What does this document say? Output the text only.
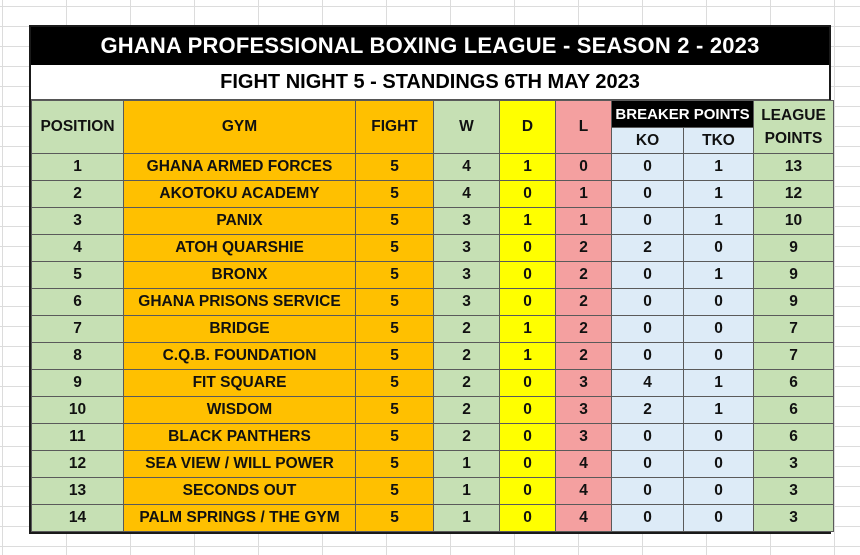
GHANA PROFESSIONAL BOXING LEAGUE - SEASON 2 - 2023
FIGHT NIGHT 5 - STANDINGS 6TH MAY 2023
POSITION	GYM	FIGHT	W	D	L	BREAKER POINTS		LEAGUE
POINTS

						KO	TKO	
1	GHANA ARMED FORCES	5	4	1	0	0	1	13
2	AKOTOKU ACADEMY	5	4	0	1	0	1	12
3	PANIX	5	3	1	1	0	1	10
4	ATOH QUARSHIE	5	3	0	2	2	0	9
5	BRONX	5	3	0	2	0	1	9
6	GHANA PRISONS SERVICE	5	3	0	2	0	0	9
7	BRIDGE	5	2	1	2	0	0	7
8	C.Q.B. FOUNDATION	5	2	1	2	0	0	7
9	FIT SQUARE	5	2	0	3	4	1	6
10	WISDOM	5	2	0	3	2	1	6
11	BLACK PANTHERS	5	2	0	3	0	0	6
12	SEA VIEW / WILL POWER	5	1	0	4	0	0	3
13	SECONDS OUT	5	1	0	4	0	0	3
14	PALM SPRINGS / THE GYM	5	1	0	4	0	0	3
